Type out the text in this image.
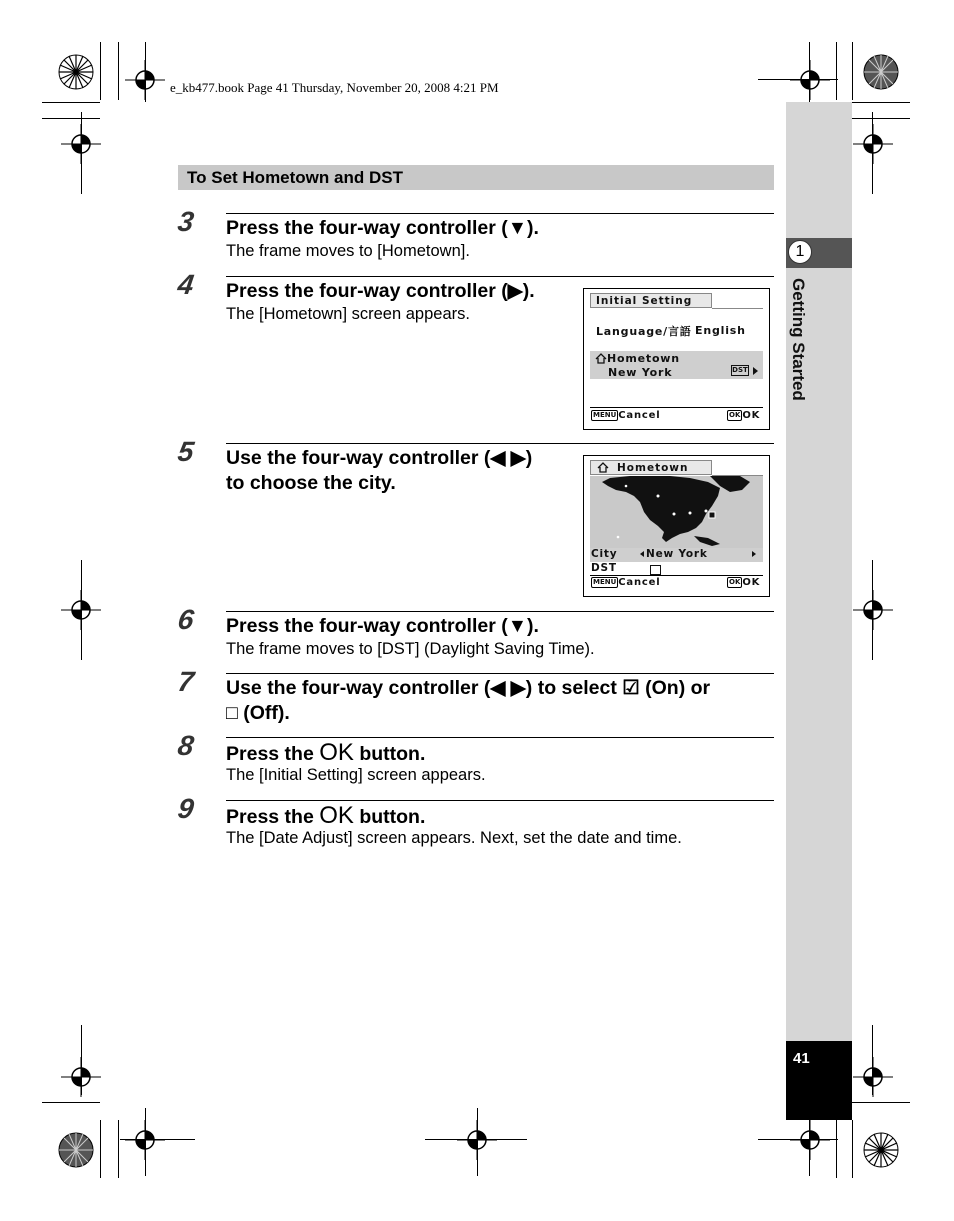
e_kb477.book Page 41 Thursday, November 20, 2008 4:21 PM
1
Getting Started
41
To Set Hometown and DST
3 Press the four-way controller (▼).
The frame moves to [Hometown].
4 Press the four-way controller (▶).
The [Hometown] screen appears.
5 Use the four-way controller (◀ ▶)
to choose the city.
6 Press the four-way controller (▼).
The frame moves to [DST] (Daylight Saving Time).
7 Use the four-way controller (◀ ▶) to select ☑ (On) or
□ (Off).
8 Press the OK button.
The [Initial Setting] screen appears.
9 Press the OK button.
The [Date Adjust] screen appears. Next, set the date and time.
Initial Setting
Language/言語 English
Hometown
New York	DST
MENU Cancel	OK OK
Hometown
City	New York
DST
MENU Cancel	OK OK
